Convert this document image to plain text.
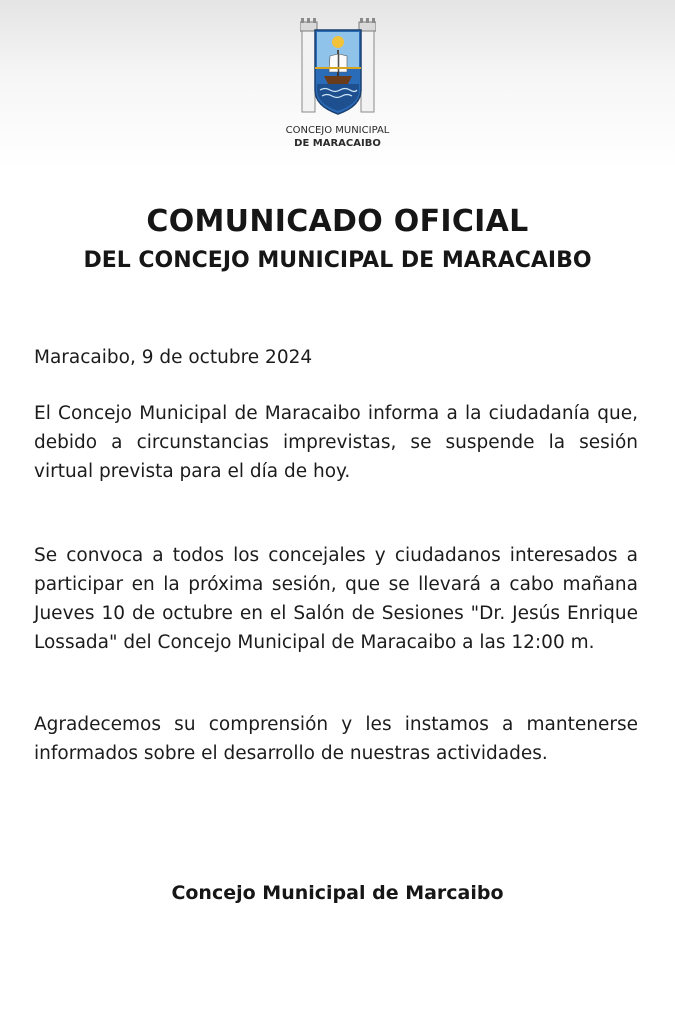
CONCEJO MUNICIPAL
DE MARACAIBO
COMUNICADO OFICIAL
DEL CONCEJO MUNICIPAL DE MARACAIBO
Maracaibo, 9 de octubre 2024
El Concejo Municipal de Maracaibo informa a la ciudadanía que, debido a circunstancias imprevistas, se suspende la sesión virtual prevista para el día de hoy.
Se convoca a todos los concejales y ciudadanos interesados a participar en la próxima sesión, que se llevará a cabo mañana Jueves 10 de octubre en el Salón de Sesiones "Dr. Jesús Enrique Lossada" del Concejo Municipal de Maracaibo a las 12:00 m.
Agradecemos su comprensión y les instamos a mantenerse informados sobre el desarrollo de nuestras actividades.
Concejo Municipal de Marcaibo
